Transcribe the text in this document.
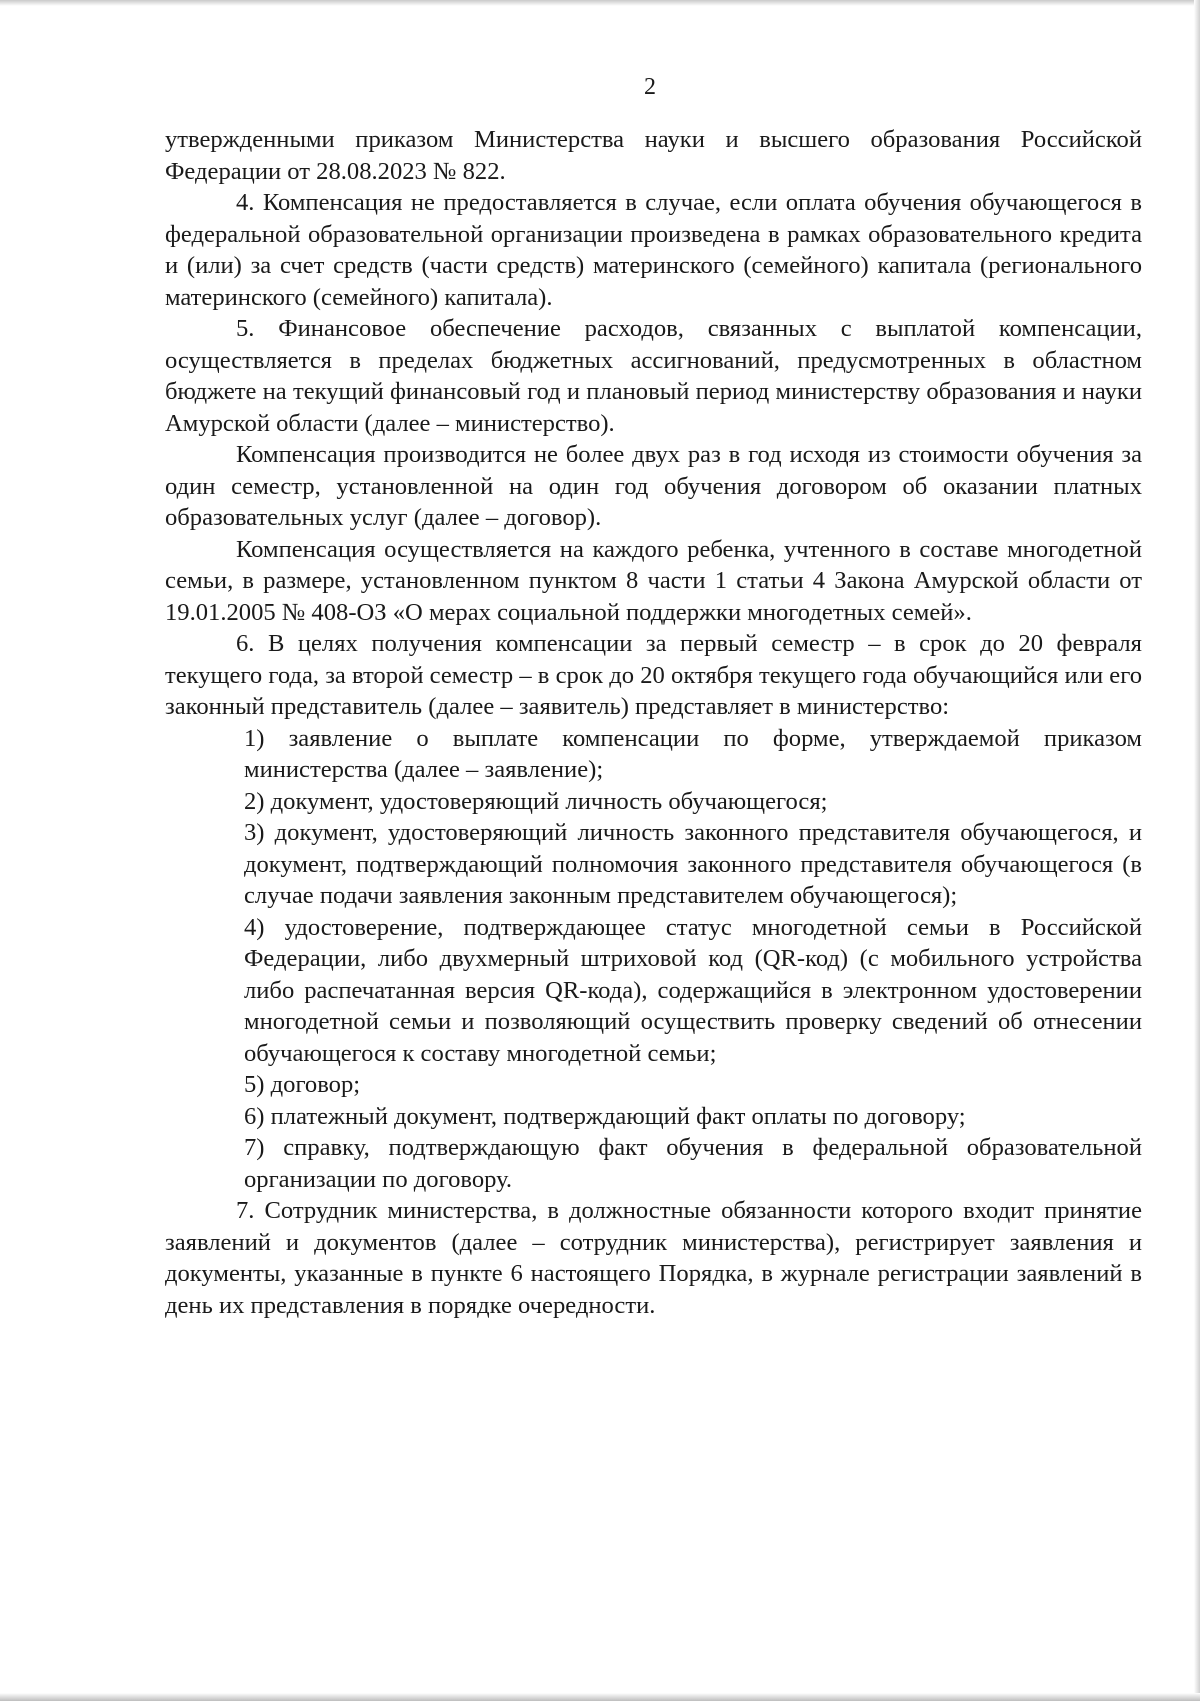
2

утвержденными приказом Министерства науки и высшего образования Российской Федерации от 28.08.2023 № 822.

4. Компенсация не предоставляется в случае, если оплата обучения обучающегося в федеральной образовательной организации произведена в рамках образовательного кредита и (или) за счет средств (части средств) материнского (семейного) капитала (регионального материнского (семейного) капитала).

5. Финансовое обеспечение расходов, связанных с выплатой компенсации, осуществляется в пределах бюджетных ассигнований, предусмотренных в областном бюджете на текущий финансовый год и плановый период министерству образования и науки Амурской области (далее – министерство).

Компенсация производится не более двух раз в год исходя из стоимости обучения за один семестр, установленной на один год обучения договором об оказании платных образовательных услуг (далее – договор).

Компенсация осуществляется на каждого ребенка, учтенного в составе многодетной семьи, в размере, установленном пунктом 8 части 1 статьи 4 Закона Амурской области от 19.01.2005 № 408-ОЗ «О мерах социальной поддержки многодетных семей».

6. В целях получения компенсации за первый семестр – в срок до 20 февраля текущего года, за второй семестр – в срок до 20 октября текущего года обучающийся или его законный представитель (далее – заявитель) представляет в министерство:

1) заявление о выплате компенсации по форме, утверждаемой приказом министерства (далее – заявление);

2) документ, удостоверяющий личность обучающегося;

3) документ, удостоверяющий личность законного представителя обучающегося, и документ, подтверждающий полномочия законного представителя обучающегося (в случае подачи заявления законным представителем обучающегося);

4) удостоверение, подтверждающее статус многодетной семьи в Российской Федерации, либо двухмерный штриховой код (QR-код) (с мобильного устройства либо распечатанная версия QR-кода), содержащийся в электронном удостоверении многодетной семьи и позволяющий осуществить проверку сведений об отнесении обучающегося к составу многодетной семьи;

5) договор;

6) платежный документ, подтверждающий факт оплаты по договору;

7) справку, подтверждающую факт обучения в федеральной образовательной организации по договору.

7. Сотрудник министерства, в должностные обязанности которого входит принятие заявлений и документов (далее – сотрудник министерства), регистрирует заявления и документы, указанные в пункте 6 настоящего Порядка, в журнале регистрации заявлений в день их представления в порядке очередности.
